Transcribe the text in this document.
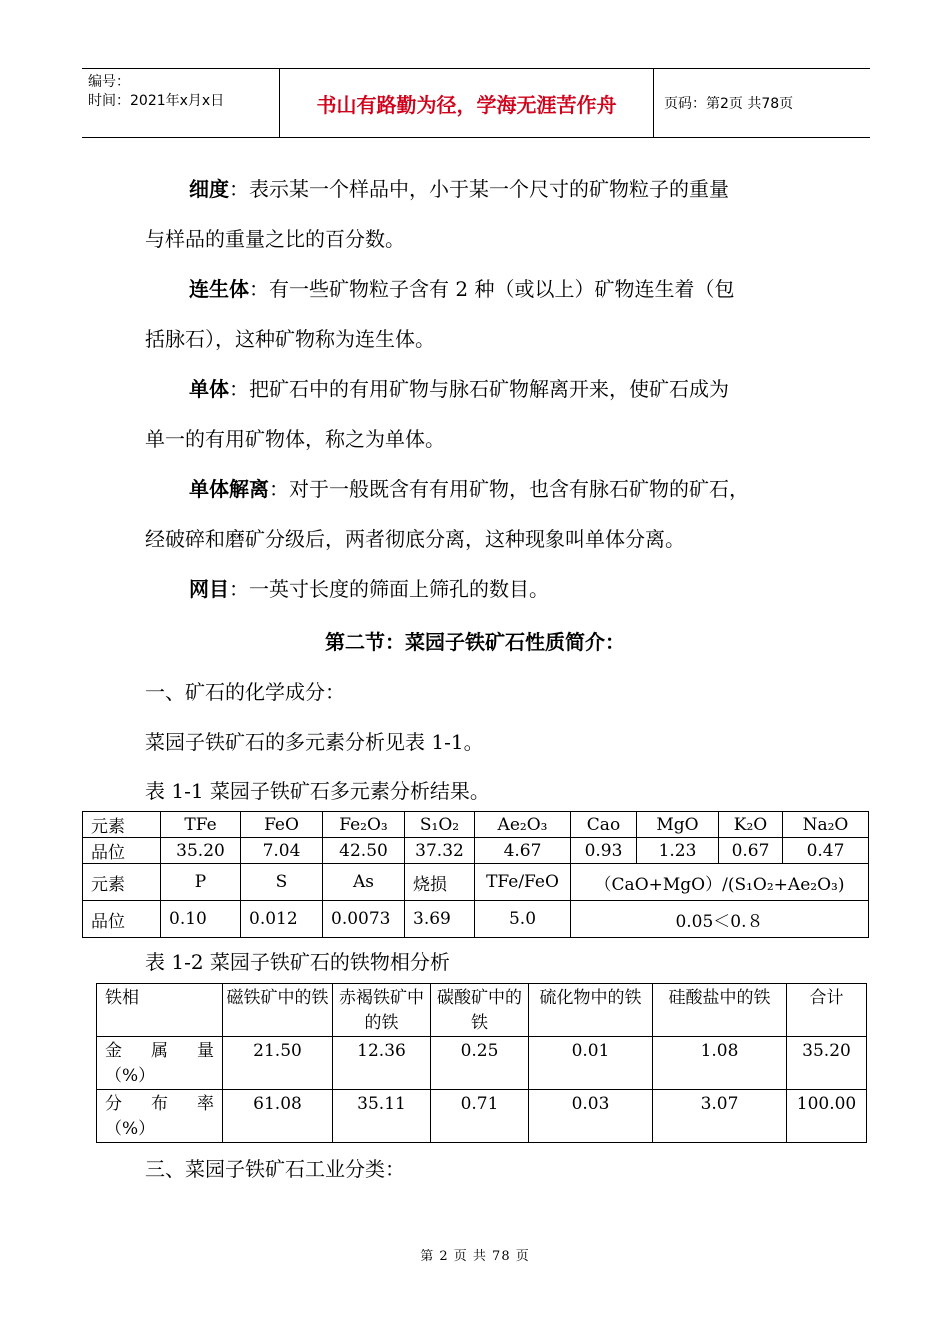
编号：
时间：2021年x月x日	书山有路勤为径，学海无涯苦作舟	页码：第2页 共78页
细度：表示某一个样品中，小于某一个尺寸的矿物粒子的重量
与样品的重量之比的百分数。
连生体：有一些矿物粒子含有 2 种（或以上）矿物连生着（包
括脉石），这种矿物称为连生体。
单体：把矿石中的有用矿物与脉石矿物解离开来，使矿石成为
单一的有用矿物体，称之为单体。
单体解离：对于一般既含有有用矿物，也含有脉石矿物的矿石，
经破碎和磨矿分级后，两者彻底分离，这种现象叫单体分离。
网目：一英寸长度的筛面上筛孔的数目。
第二节：菜园子铁矿石性质简介：
一、矿石的化学成分：
菜园子铁矿石的多元素分析见表 1-1。
表 1-1 菜园子铁矿石多元素分析结果。
元素	TFe	FeO	Fe₂O₃	S₁O₂	Ae₂O₃	Cao	MgO	K₂O	Na₂O
品位	35.20	7.04	42.50	37.32	4.67	0.93	1.23	0.67	0.47
元素	P	S	As	烧损	TFe/FeO	（CaO+MgO）/(S₁O₂+Ae₂O₃)			
品位	0.10	0.012	0.0073	3.69	5.0	0.05＜0.８			
表 1-2 菜园子铁矿石的铁物相分析
铁相	磁铁矿中的铁	赤褐铁矿中的铁	碳酸矿中的铁	硫化物中的铁	硅酸盐中的铁	合计

金 属 量
（%）	21.50	12.36	0.25	0.01	1.08	35.20

分 布 率
（%）	61.08	35.11	0.71	0.03	3.07	100.00
三、菜园子铁矿石工业分类：
第 2 页 共 78 页
